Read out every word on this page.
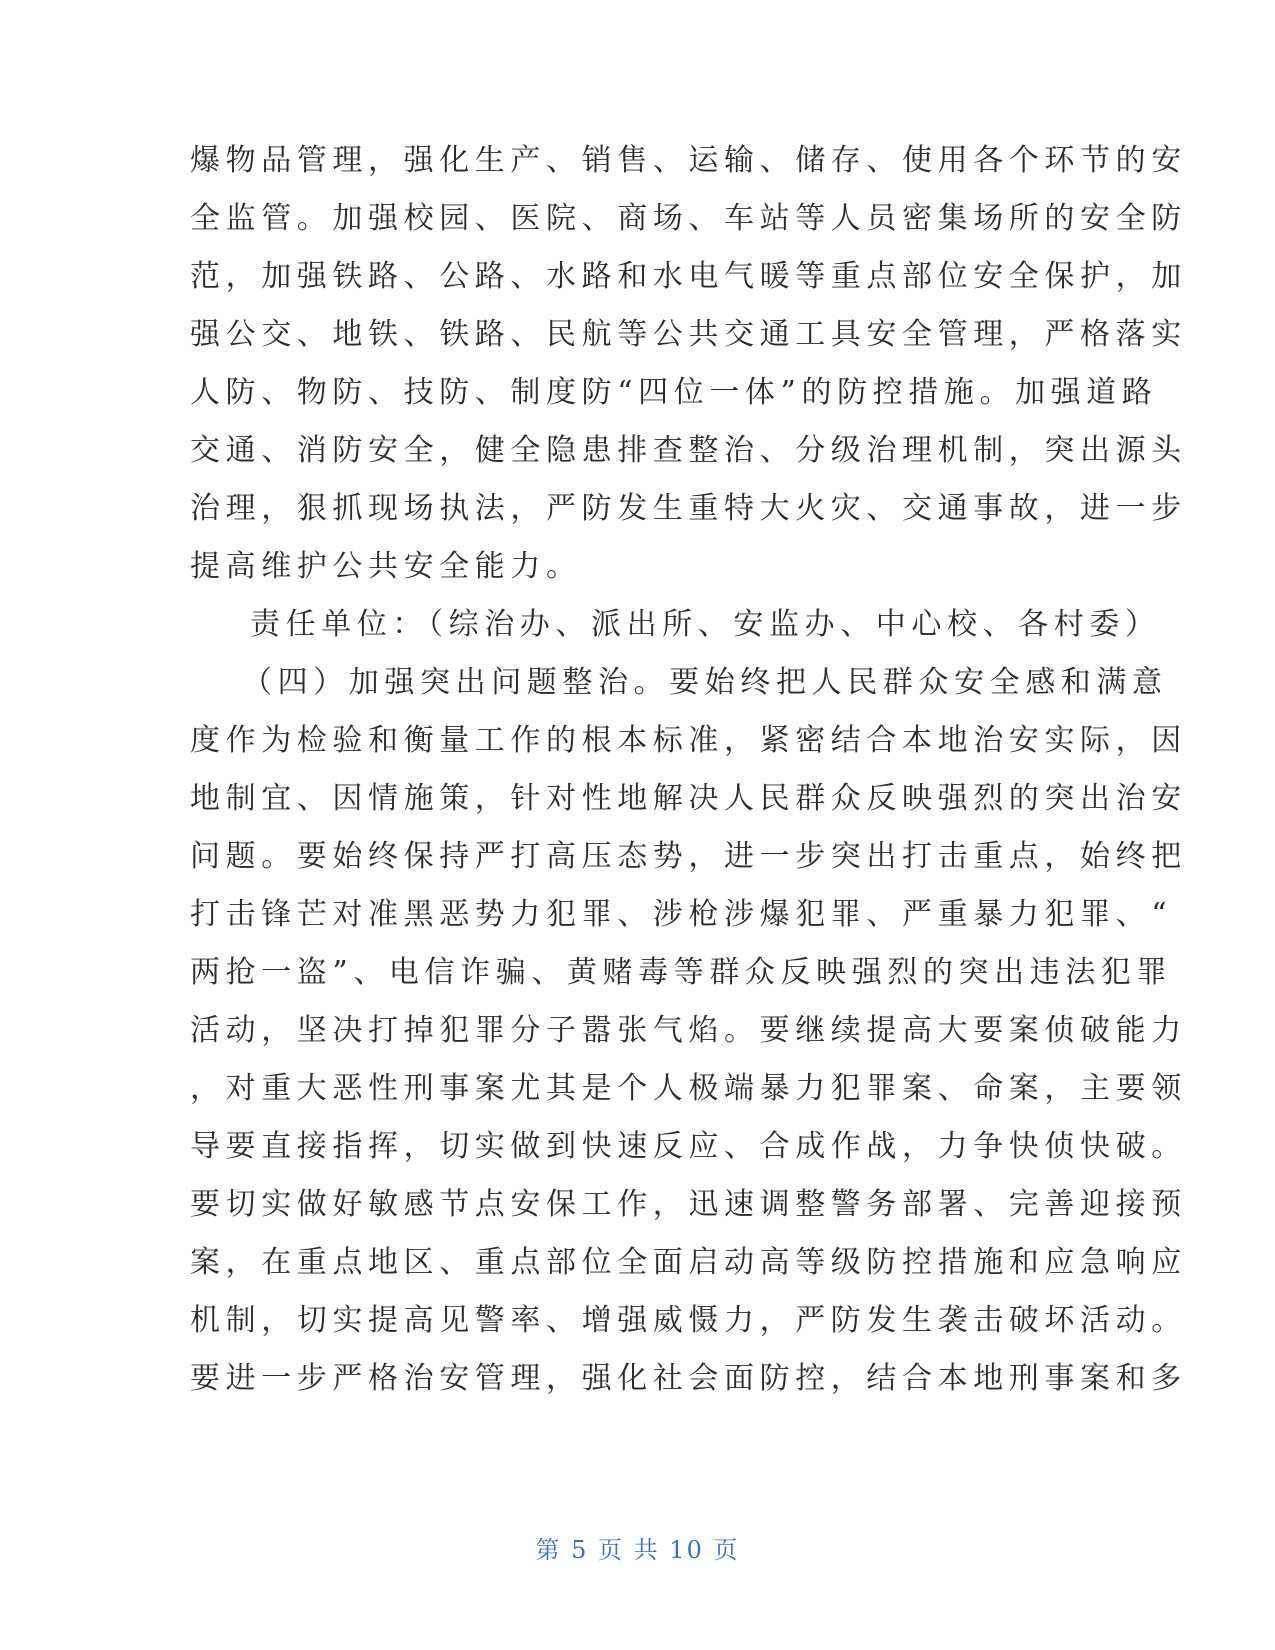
爆物品管理，强化生产、销售、运输、储存、使用各个环节的安
全监管。加强校园、医院、商场、车站等人员密集场所的安全防
范，加强铁路、公路、水路和水电气暖等重点部位安全保护，加
强公交、地铁、铁路、民航等公共交通工具安全管理，严格落实
人防、物防、技防、制度防“四位一体”的防控措施。加强道路
交通、消防安全，健全隐患排查整治、分级治理机制，突出源头
治理，狠抓现场执法，严防发生重特大火灾、交通事故，进一步
提高维护公共安全能力。
责任单位：（综治办、派出所、安监办、中心校、各村委）
（四）加强突出问题整治。要始终把人民群众安全感和满意
度作为检验和衡量工作的根本标准，紧密结合本地治安实际，因
地制宜、因情施策，针对性地解决人民群众反映强烈的突出治安
问题。要始终保持严打高压态势，进一步突出打击重点，始终把
打击锋芒对准黑恶势力犯罪、涉枪涉爆犯罪、严重暴力犯罪、“
两抢一盗”、电信诈骗、黄赌毒等群众反映强烈的突出违法犯罪
活动，坚决打掉犯罪分子嚣张气焰。要继续提高大要案侦破能力
，对重大恶性刑事案尤其是个人极端暴力犯罪案、命案，主要领
导要直接指挥，切实做到快速反应、合成作战，力争快侦快破。
要切实做好敏感节点安保工作，迅速调整警务部署、完善迎接预
案，在重点地区、重点部位全面启动高等级防控措施和应急响应
机制，切实提高见警率、增强威慑力，严防发生袭击破坏活动。
要进一步严格治安管理，强化社会面防控，结合本地刑事案和多
第 5 页 共 10 页
